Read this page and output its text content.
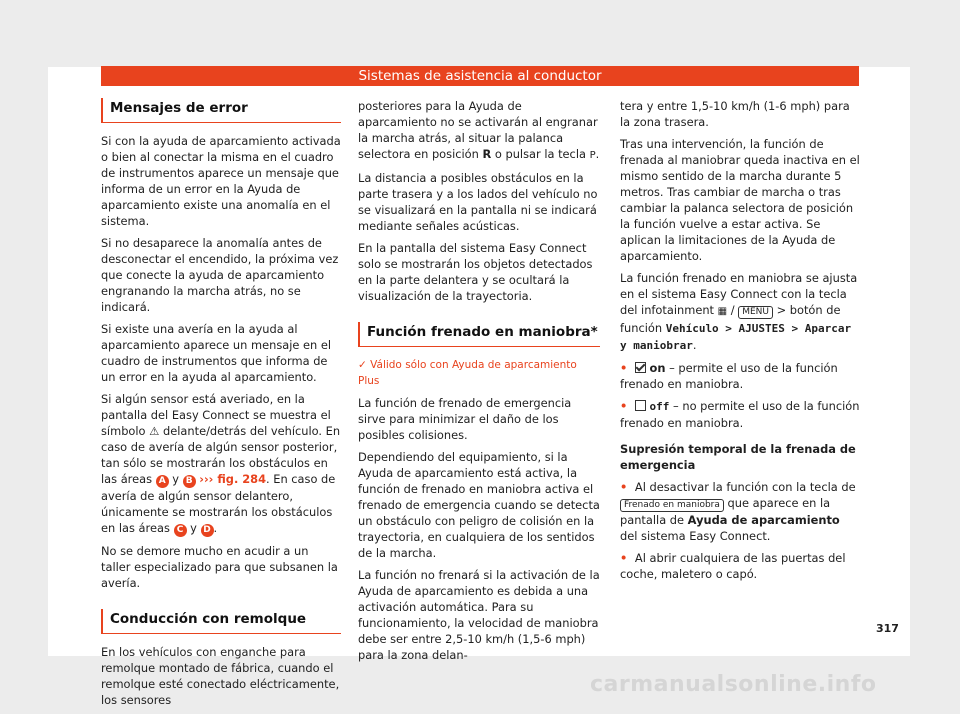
Sistemas de asistencia al conductor
Mensajes de error

Si con la ayuda de aparcamiento activada o bien al conectar la misma en el cuadro de instrumentos aparece un mensaje que informa de un error en la Ayuda de aparcamiento existe una anomalía en el sistema.

Si no desaparece la anomalía antes de desconectar el encendido, la próxima vez que conecte la ayuda de aparcamiento engranando la marcha atrás, no se indicará.

Si existe una avería en la ayuda al aparcamiento aparece un mensaje en el cuadro de instrumentos que informa de un error en la ayuda al aparcamiento.

Si algún sensor está averiado, en la pantalla del Easy Connect se muestra el símbolo ⚠ delante/detrás del vehículo. En caso de avería de algún sensor posterior, tan sólo se mostrarán los obstáculos en las áreas A y B ››› fig. 284. En caso de avería de algún sensor delantero, únicamente se mostrarán los obstáculos en las áreas C y D .

No se demore mucho en acudir a un taller especializado para que subsanen la avería.

Conducción con remolque

En los vehículos con enganche para remolque montado de fábrica, cuando el remolque esté conectado eléctricamente, los sensores

posteriores para la Ayuda de aparcamiento no se activarán al engranar la marcha atrás, al situar la palanca selectora en posición R o pulsar la tecla P.

La distancia a posibles obstáculos en la parte trasera y a los lados del vehículo no se visualizará en la pantalla ni se indicará mediante señales acústicas.

En la pantalla del sistema Easy Connect solo se mostrarán los objetos detectados en la parte delantera y se ocultará la visualización de la trayectoria.

Función frenado en maniobra*

✓ Válido sólo con Ayuda de aparcamiento Plus

La función de frenado de emergencia sirve para minimizar el daño de los posibles colisiones.

Dependiendo del equipamiento, si la Ayuda de aparcamiento está activa, la función de frenado en maniobra activa el frenado de emergencia cuando se detecta un obstáculo con peligro de colisión en la trayectoria, en cualquiera de los sentidos de la marcha.

La función no frenará si la activación de la Ayuda de aparcamiento es debida a una activación automática. Para su funcionamiento, la velocidad de maniobra debe ser entre 2,5-10 km/h (1,5-6 mph) para la zona delan-

tera y entre 1,5-10 km/h (1-6 mph) para la zona trasera.

Tras una intervención, la función de frenada al maniobrar queda inactiva en el mismo sentido de la marcha durante 5 metros. Tras cambiar de marcha o tras cambiar la palanca selectora de posición la función vuelve a estar activa. Se aplican la limitaciones de la Ayuda de aparcamiento.

La función frenado en maniobra se ajusta en el sistema Easy Connect con la tecla del infotainment ▦ / MENU > botón de función Vehículo > AJUSTES > Aparcar y maniobrar.

• on – permite el uso de la función frenado en maniobra.

• off – no permite el uso de la función frenado en maniobra.

Supresión temporal de la frenada de emergencia

• Al desactivar la función con la tecla de Frenado en maniobra que aparece en la pantalla de Ayuda de aparcamiento del sistema Easy Connect.

• Al abrir cualquiera de las puertas del coche, maletero o capó.

317
carmanualsonline.info
